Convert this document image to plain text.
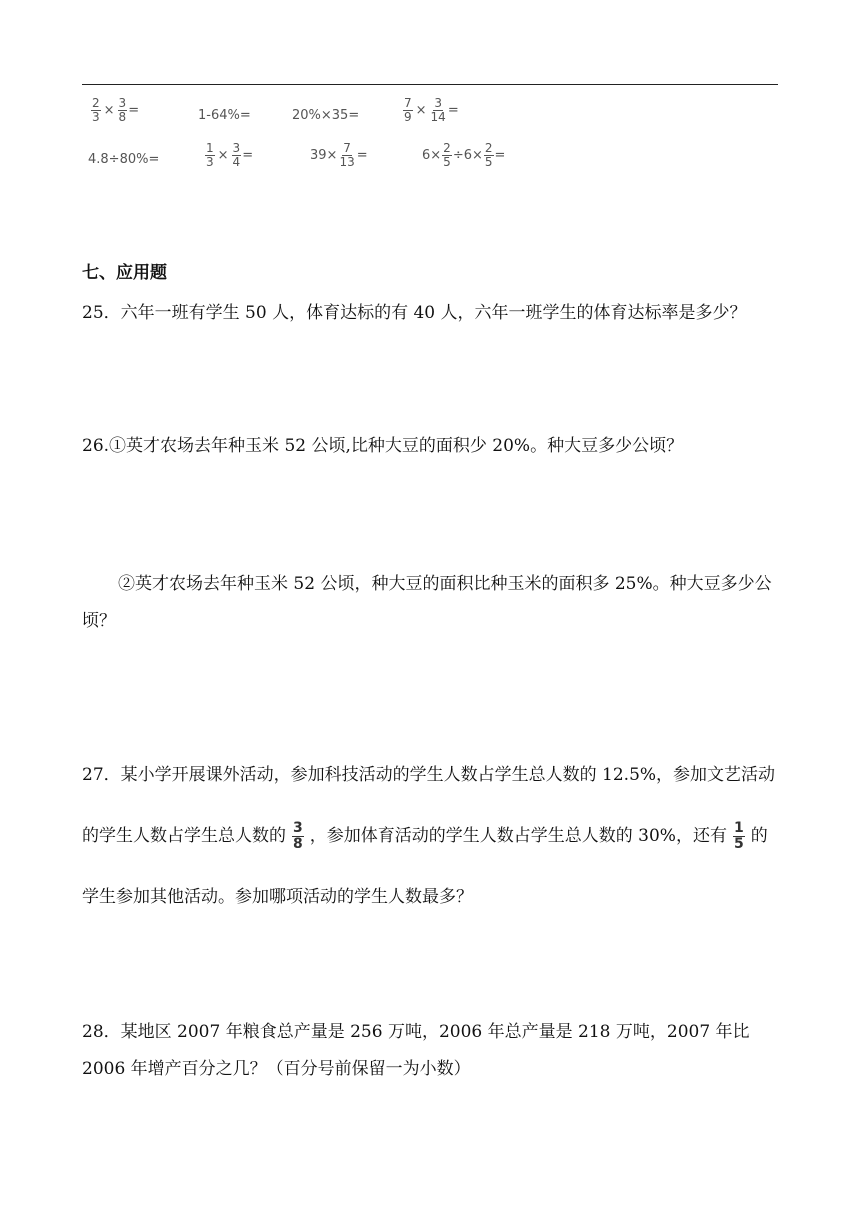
$\frac{2}{3} \times \frac{3}{8}$ =	1-64%=	20%×35=	$\frac{7}{9} \times \frac{3}{14}$ =
4.8÷80%=	$\frac{1}{3} \times \frac{3}{4}$ =	$39\times \frac{7}{13}$ =	$6\times \frac{2}{5} \div 6\times \frac{2}{5}$ =
七、应用题

25．六年一班有学生 50 人，体育达标的有 40 人，六年一班学生的体育达标率是多少？

26.①英才农场去年种玉米 52 公顷,比种大豆的面积少 20%。种大豆多少公顷？

②英才农场去年种玉米 52 公顷，种大豆的面积比种玉米的面积多 25%。种大豆多少公顷？

27．某小学开展课外活动，参加科技活动的学生人数占学生总人数的 12.5%，参加文艺活动的学生人数占学生总人数的 $\frac{3}{8}$ ，参加体育活动的学生人数占学生总人数的 30%，还有 $\frac{1}{5}$ 的学生参加其他活动。参加哪项活动的学生人数最多？

28．某地区 2007 年粮食总产量是 256 万吨，2006 年总产量是 218 万吨，2007 年比 2006 年增产百分之几？（百分号前保留一为小数）
